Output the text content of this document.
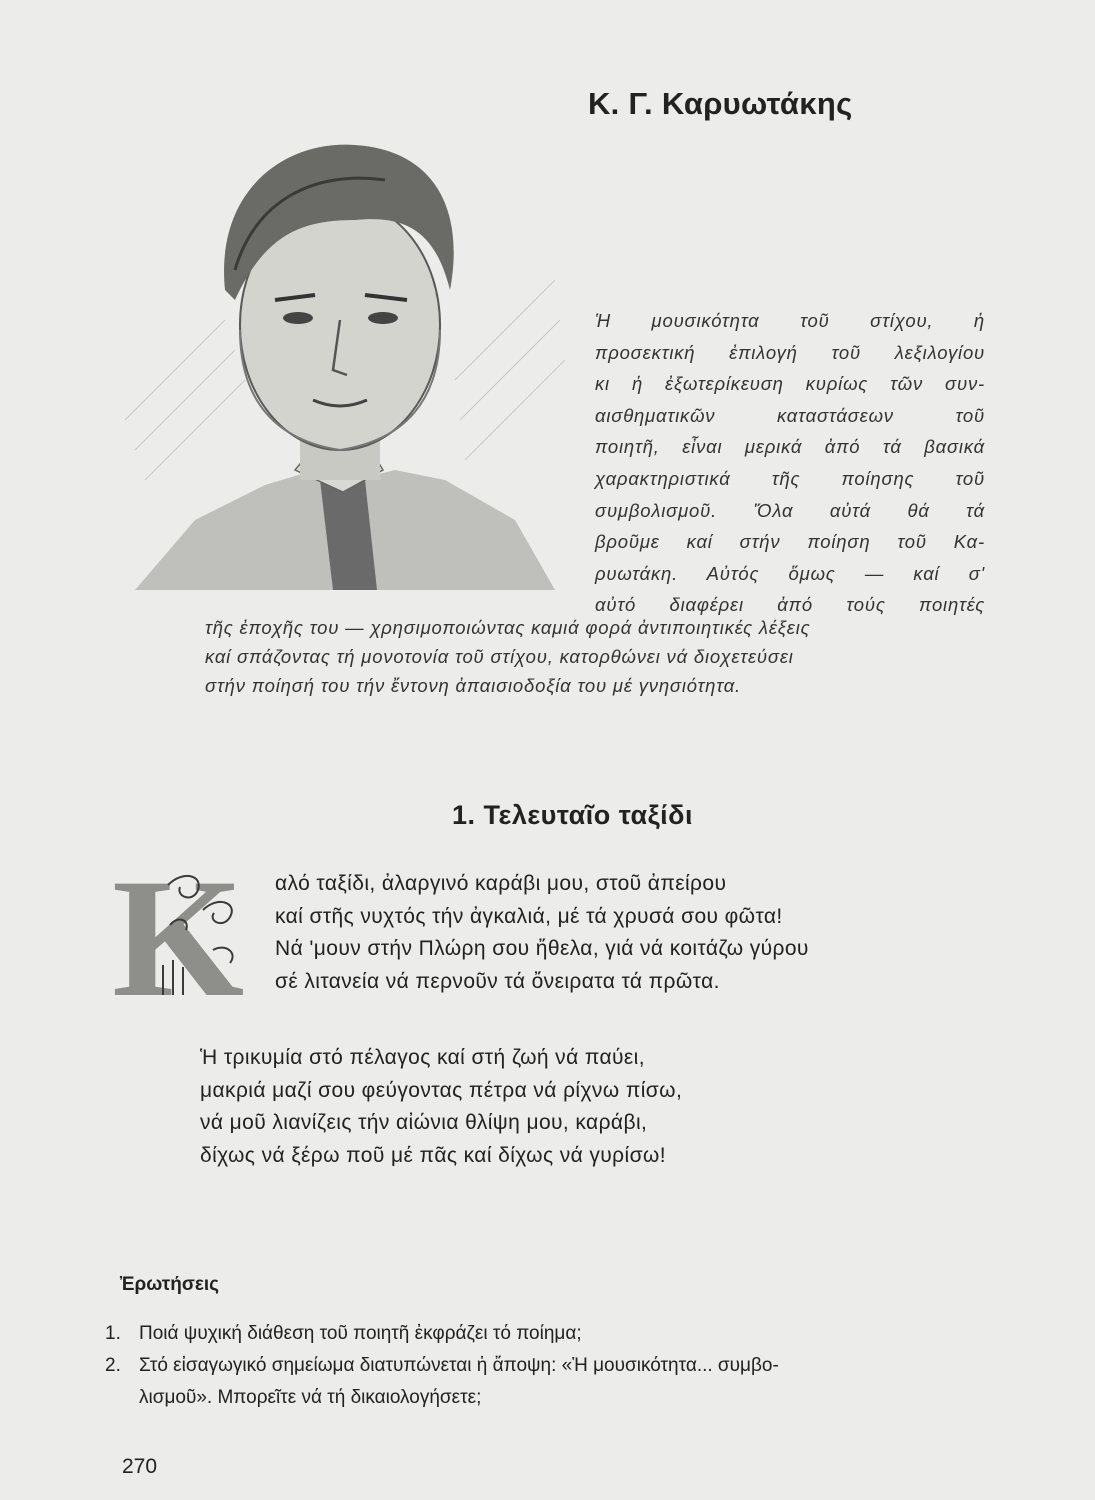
Κ. Γ. Καρυωτάκης
Ἡ μουσικότητα τοῦ στίχου, ἡ
προσεκτική ἐπιλογή τοῦ λεξιλογίου
κι ἡ ἐξωτερίκευση κυρίως τῶν συν-
αισθηματικῶν καταστάσεων τοῦ
ποιητῆ, εἶναι μερικά ἀπό τά βασικά
χαρακτηριστικά τῆς ποίησης τοῦ
συμβολισμοῦ. Ὅλα αὐτά θά τά
βροῦμε καί στήν ποίηση τοῦ Κα-
ρυωτάκη. Αὐτός ὅμως — καί σ'
αὐτό διαφέρει ἀπό τούς ποιητές
τῆς ἐποχῆς του — χρησιμοποιώντας καμιά φορά ἀντιποιητικές λέξεις
καί σπάζοντας τή μονοτονία τοῦ στίχου, κατορθώνει νά διοχετεύσει
στήν ποίησή του τήν ἔντονη ἀπαισιοδοξία του μέ γνησιότητα.
1. Τελευταῖο ταξίδι
Κ αλό ταξίδι, ἀλαργινό καράβι μου, στοῦ ἀπείρου
καί στῆς νυχτός τήν ἀγκαλιά, μέ τά χρυσά σου φῶτα!
Νά 'μουν στήν Πλώρη σου ἤθελα, γιά νά κοιτάζω γύρου
σέ λιτανεία νά περνοῦν τά ὄνειρατα τά πρῶτα.
Ἡ τρικυμία στό πέλαγος καί στή ζωή νά παύει,
μακριά μαζί σου φεύγοντας πέτρα νά ρίχνω πίσω,
νά μοῦ λιανίζεις τήν αἰώνια θλίψη μου, καράβι,
δίχως νά ξέρω ποῦ μέ πᾶς καί δίχως νά γυρίσω!
Ἐρωτήσεις
1. Ποιά ψυχική διάθεση τοῦ ποιητῆ ἐκφράζει τό ποίημα;
2. Στό εἰσαγωγικό σημείωμα διατυπώνεται ἡ ἄποψη: «Ἡ μουσικότητα... συμβο-
λισμοῦ». Μπορεῖτε νά τή δικαιολογήσετε;
270
